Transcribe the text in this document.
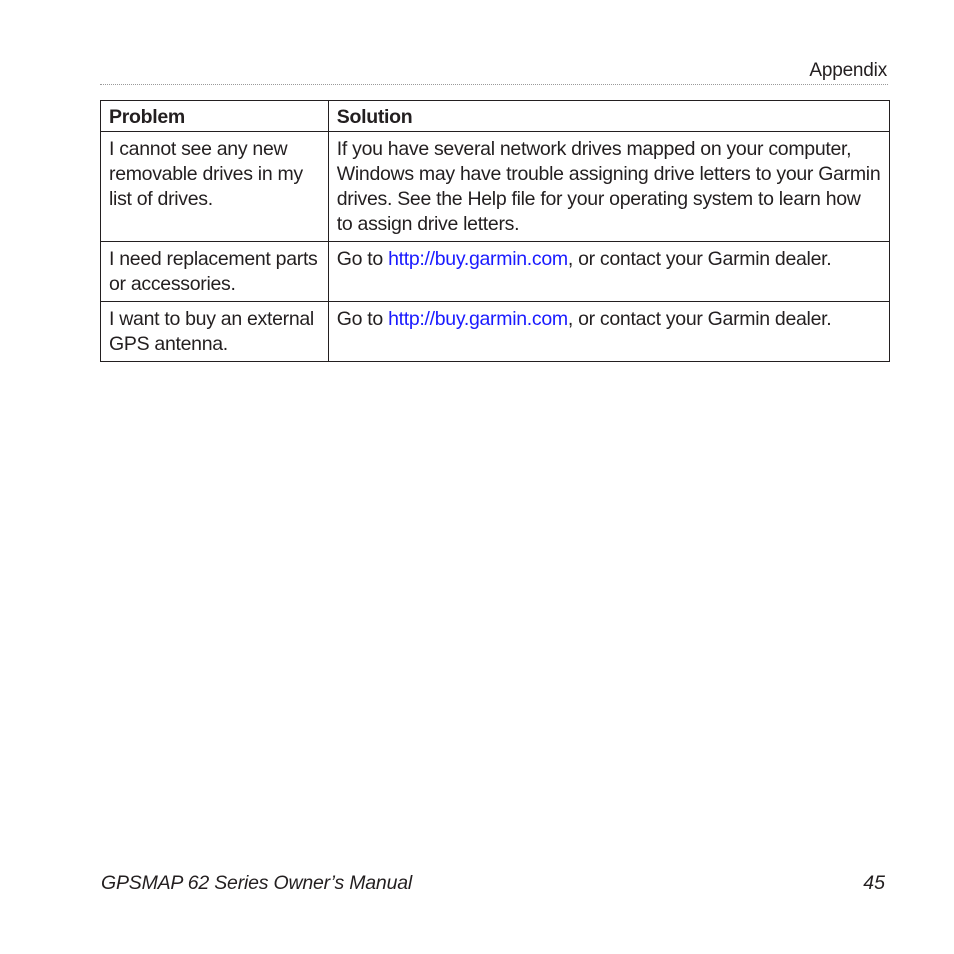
Appendix
Problem	Solution
I cannot see any new removable drives in my list of drives.	If you have several network drives mapped on your computer, Windows may have trouble assigning drive letters to your Garmin drives. See the Help file for your operating system to learn how to assign drive letters.
I need replacement parts or accessories.	Go to http://buy.garmin.com, or contact your Garmin dealer.
I want to buy an external GPS antenna.	Go to http://buy.garmin.com, or contact your Garmin dealer.
GPSMAP 62 Series Owner’s Manual	45
